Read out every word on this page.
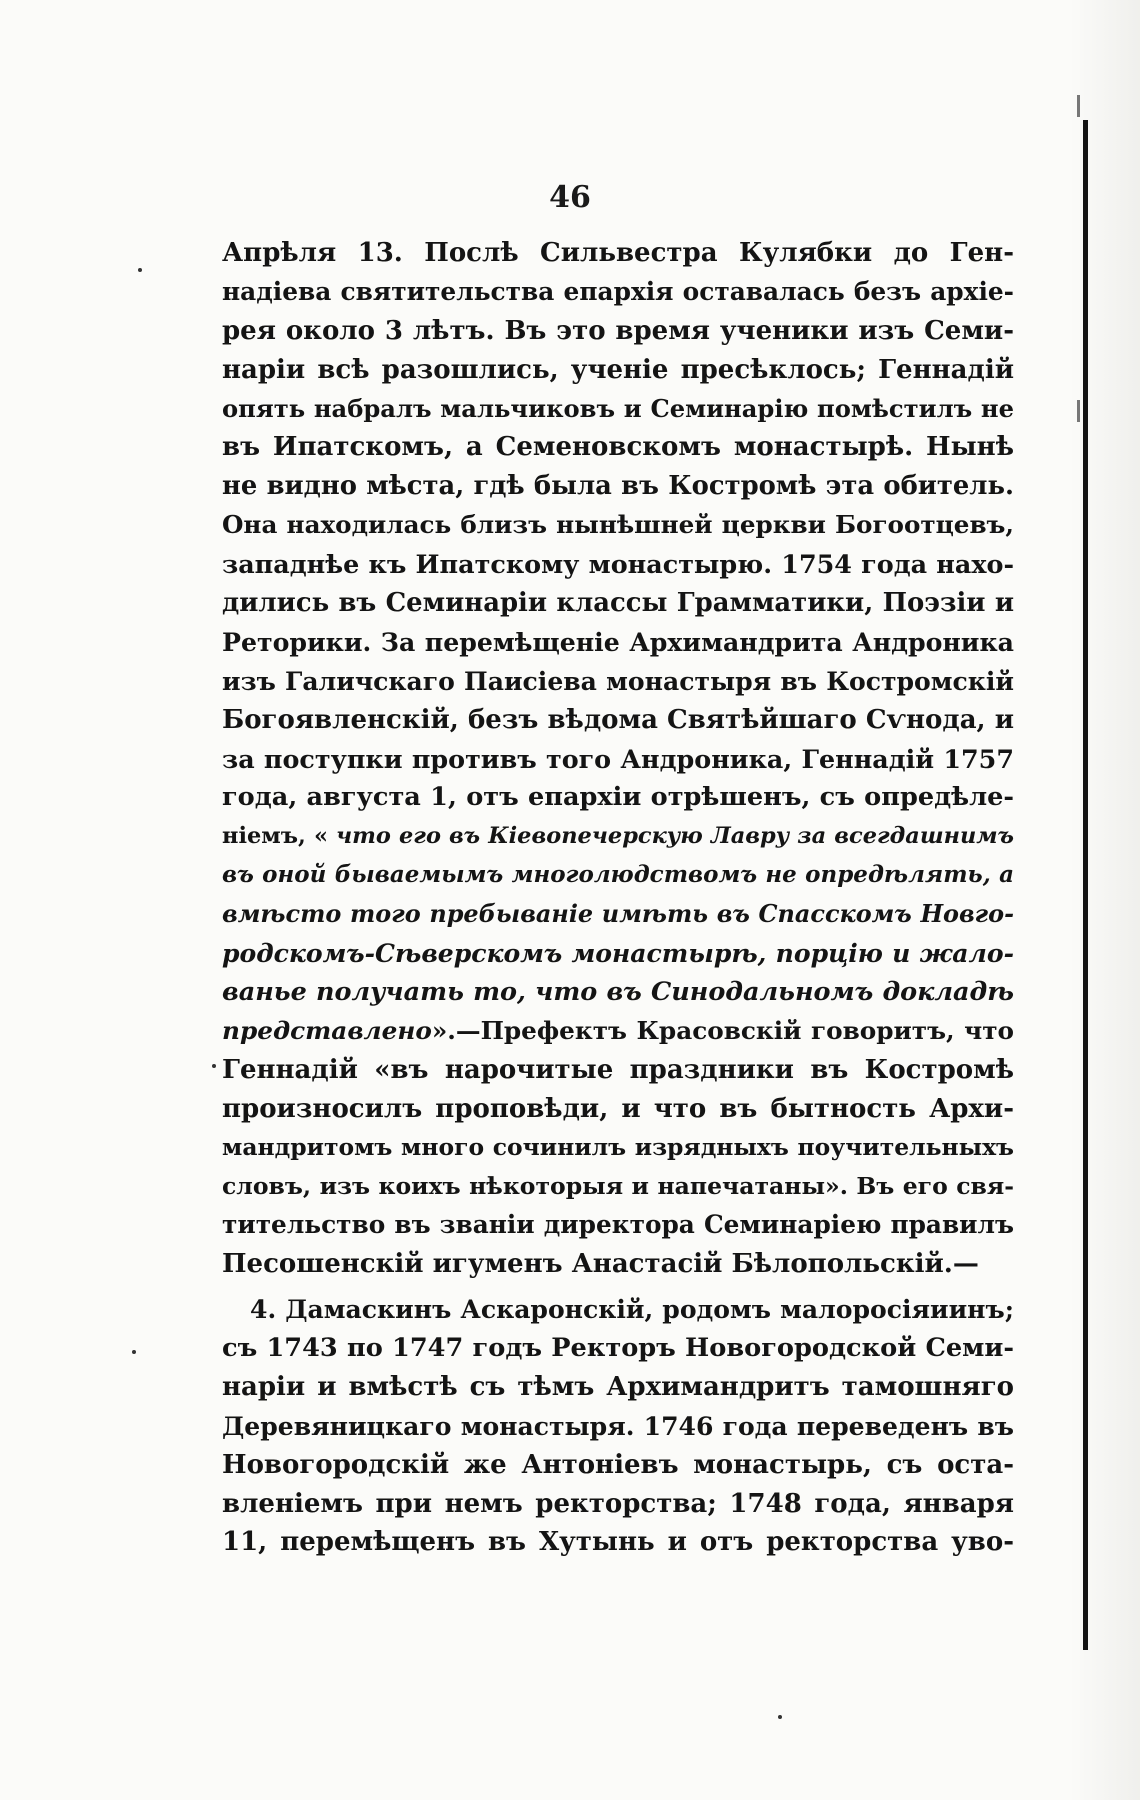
46
Апрѣля 13. Послѣ Сильвестра Кулябки до Ген-
надіева святительства епархія оставалась безъ архіе-
рея около 3 лѣтъ. Въ это время ученики изъ Семи-
наріи всѣ разошлись, ученіе пресѣклось; Геннадій
опять набралъ мальчиковъ и Семинарію помѣстилъ не
въ Ипатскомъ, а Семеновскомъ монастырѣ. Нынѣ
не видно мѣста, гдѣ была въ Костромѣ эта обитель.
Она находилась близъ нынѣшней церкви Богоотцевъ,
западнѣе къ Ипатскому монастырю. 1754 года нахо-
дились въ Семинаріи классы Грамматики, Поэзіи и
Реторики. За перемѣщеніе Архимандрита Андроника
изъ Галичскаго Паисіева монастыря въ Костромскій
Богоявленскій, безъ вѣдома Святѣйшаго Сѵнода, и
за поступки противъ того Андроника, Геннадій 1757
года, августа 1, отъ епархіи отрѣшенъ, съ опредѣле-
ніемъ, « что его въ Кіевопечерскую Лавру за всегдашнимъ
въ оной бываемымъ многолюдствомъ не опредѣлять, а
вмѣсто того пребываніе имѣть въ Спасскомъ Новго-
родскомъ-Сѣверскомъ монастырѣ, порцію и жало-
ванье получать то, что въ Синодальномъ докладѣ
представлено».—Префектъ Красовскій говоритъ, что
Геннадій «въ нарочитые праздники въ Костромѣ
произносилъ проповѣди, и что въ бытность Архи-
мандритомъ много сочинилъ изрядныхъ поучительныхъ
словъ, изъ коихъ нѣкоторыя и напечатаны». Въ его свя-
тительство въ званіи директора Семинаріею правилъ
Песошенскій игуменъ Анастасій Бѣлопольскій.—
4. Дамаскинъ Аскаронскій, родомъ малоросіяиинъ;
съ 1743 по 1747 годъ Ректоръ Новогородской Семи-
наріи и вмѣстѣ съ тѣмъ Архимандритъ тамошняго
Деревяницкаго монастыря. 1746 года переведенъ въ
Новогородскій же Антоніевъ монастырь, съ оста-
вленіемъ при немъ ректорства; 1748 года, января
11, перемѣщенъ въ Хутынь и отъ ректорства уво-
